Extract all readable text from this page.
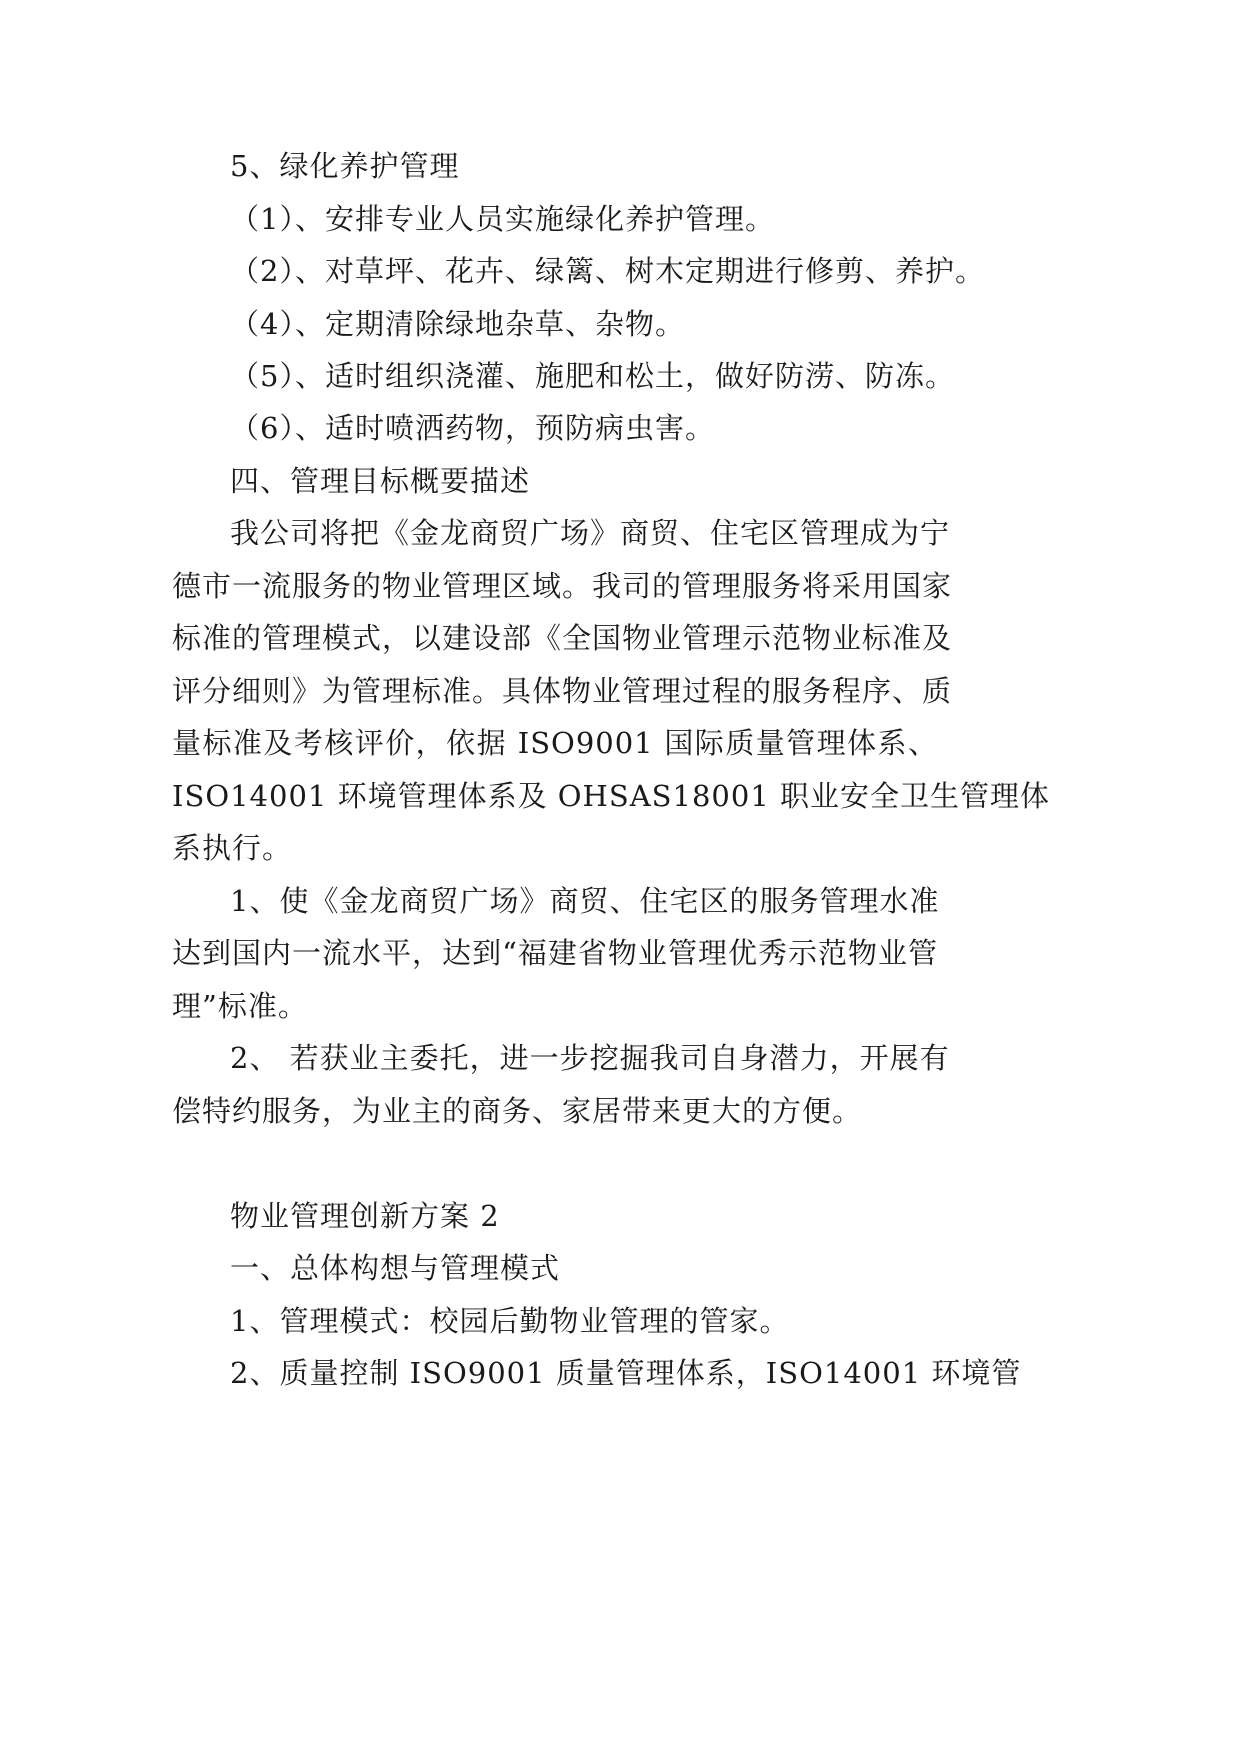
5、绿化养护管理
（1）、安排专业人员实施绿化养护管理。
（2）、对草坪、花卉、绿篱、树木定期进行修剪、养护。
（4）、定期清除绿地杂草、杂物。
（5）、适时组织浇灌、施肥和松土，做好防涝、防冻。
（6）、适时喷洒药物，预防病虫害。
四、管理目标概要描述
我公司将把《金龙商贸广场》商贸、住宅区管理成为宁
德市一流服务的物业管理区域。我司的管理服务将采用国家
标准的管理模式，以建设部《全国物业管理示范物业标准及
评分细则》为管理标准。具体物业管理过程的服务程序、质
量标准及考核评价，依据 ISO9001 国际质量管理体系、
ISO14001 环境管理体系及 OHSAS18001 职业安全卫生管理体
系执行。
1、使《金龙商贸广场》商贸、住宅区的服务管理水准
达到国内一流水平，达到“福建省物业管理优秀示范物业管
理”标准。
2、 若获业主委托，进一步挖掘我司自身潜力，开展有
偿特约服务，为业主的商务、家居带来更大的方便。
物业管理创新方案 2
一、总体构想与管理模式
1、管理模式：校园后勤物业管理的管家。
2、质量控制 ISO9001 质量管理体系，ISO14001 环境管
